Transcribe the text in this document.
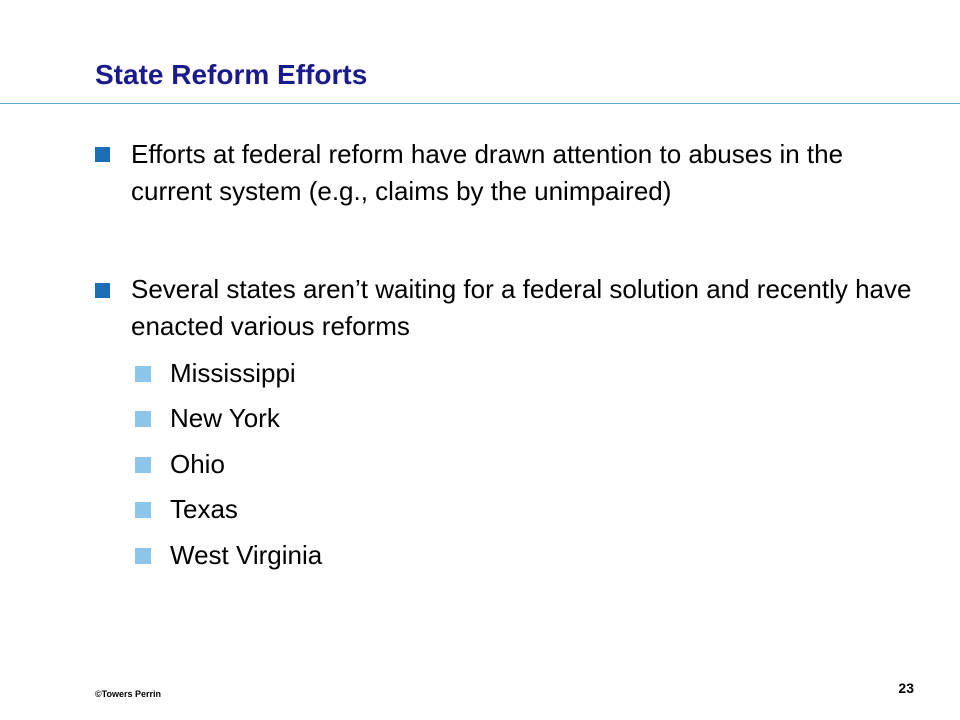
State Reform Efforts
Efforts at federal reform have drawn attention to abuses in the current system (e.g., claims by the unimpaired)
Several states aren’t waiting for a federal solution and recently have enacted various reforms
Mississippi
New York
Ohio
Texas
West Virginia
©Towers Perrin	23
